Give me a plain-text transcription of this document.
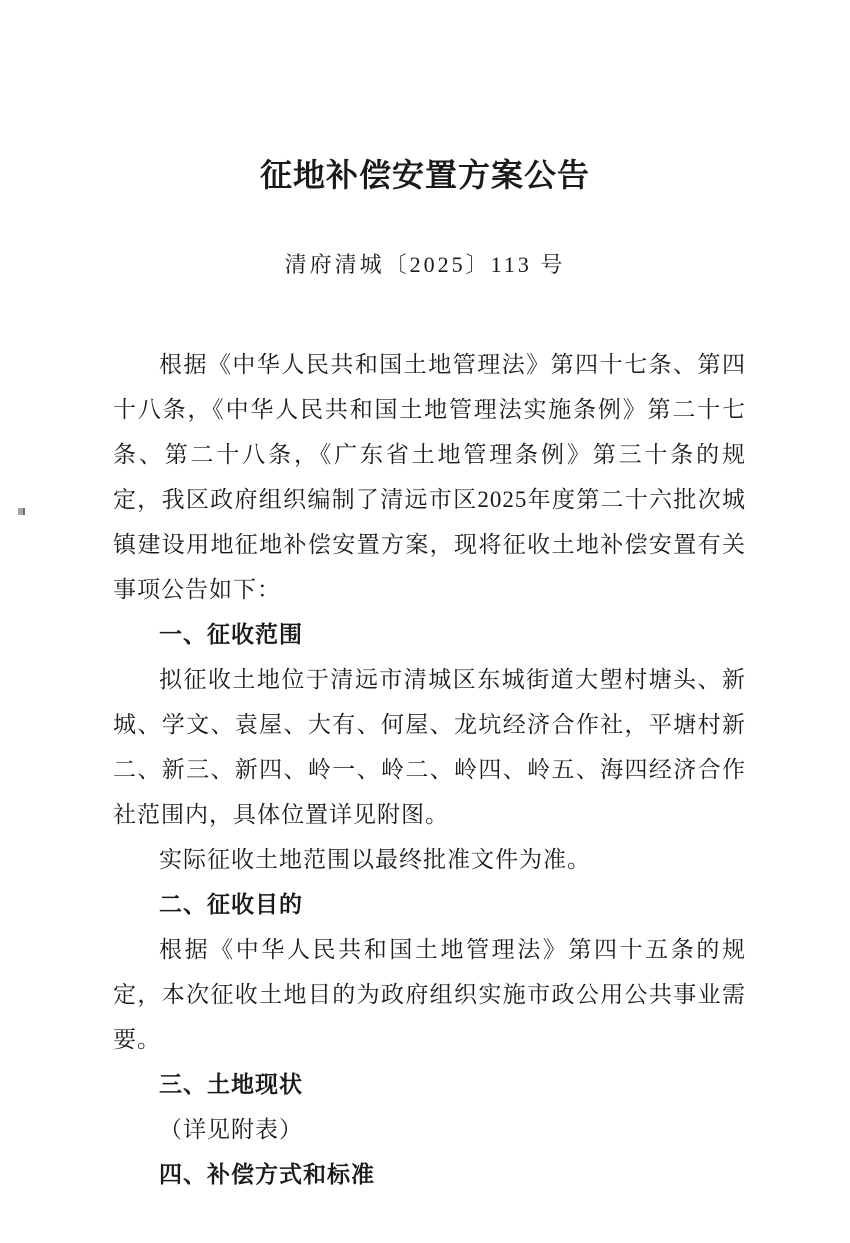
征地补偿安置方案公告
清府清城〔2025〕113 号

根据《中华人民共和国土地管理法》第四十七条、第四十八条，《中华人民共和国土地管理法实施条例》第二十七条、第二十八条，《广东省土地管理条例》第三十条的规定，我区政府组织编制了清远市区2025年度第二十六批次城镇建设用地征地补偿安置方案，现将征收土地补偿安置有关事项公告如下：

一、征收范围

拟征收土地位于清远市清城区东城街道大塱村塘头、新城、学文、袁屋、大有、何屋、龙坑经济合作社，平塘村新二、新三、新四、岭一、岭二、岭四、岭五、海四经济合作社范围内，具体位置详见附图。

实际征收土地范围以最终批准文件为准。

二、征收目的

根据《中华人民共和国土地管理法》第四十五条的规定，本次征收土地目的为政府组织实施市政公用公共事业需要。

三、土地现状

（详见附表）

四、补偿方式和标准
